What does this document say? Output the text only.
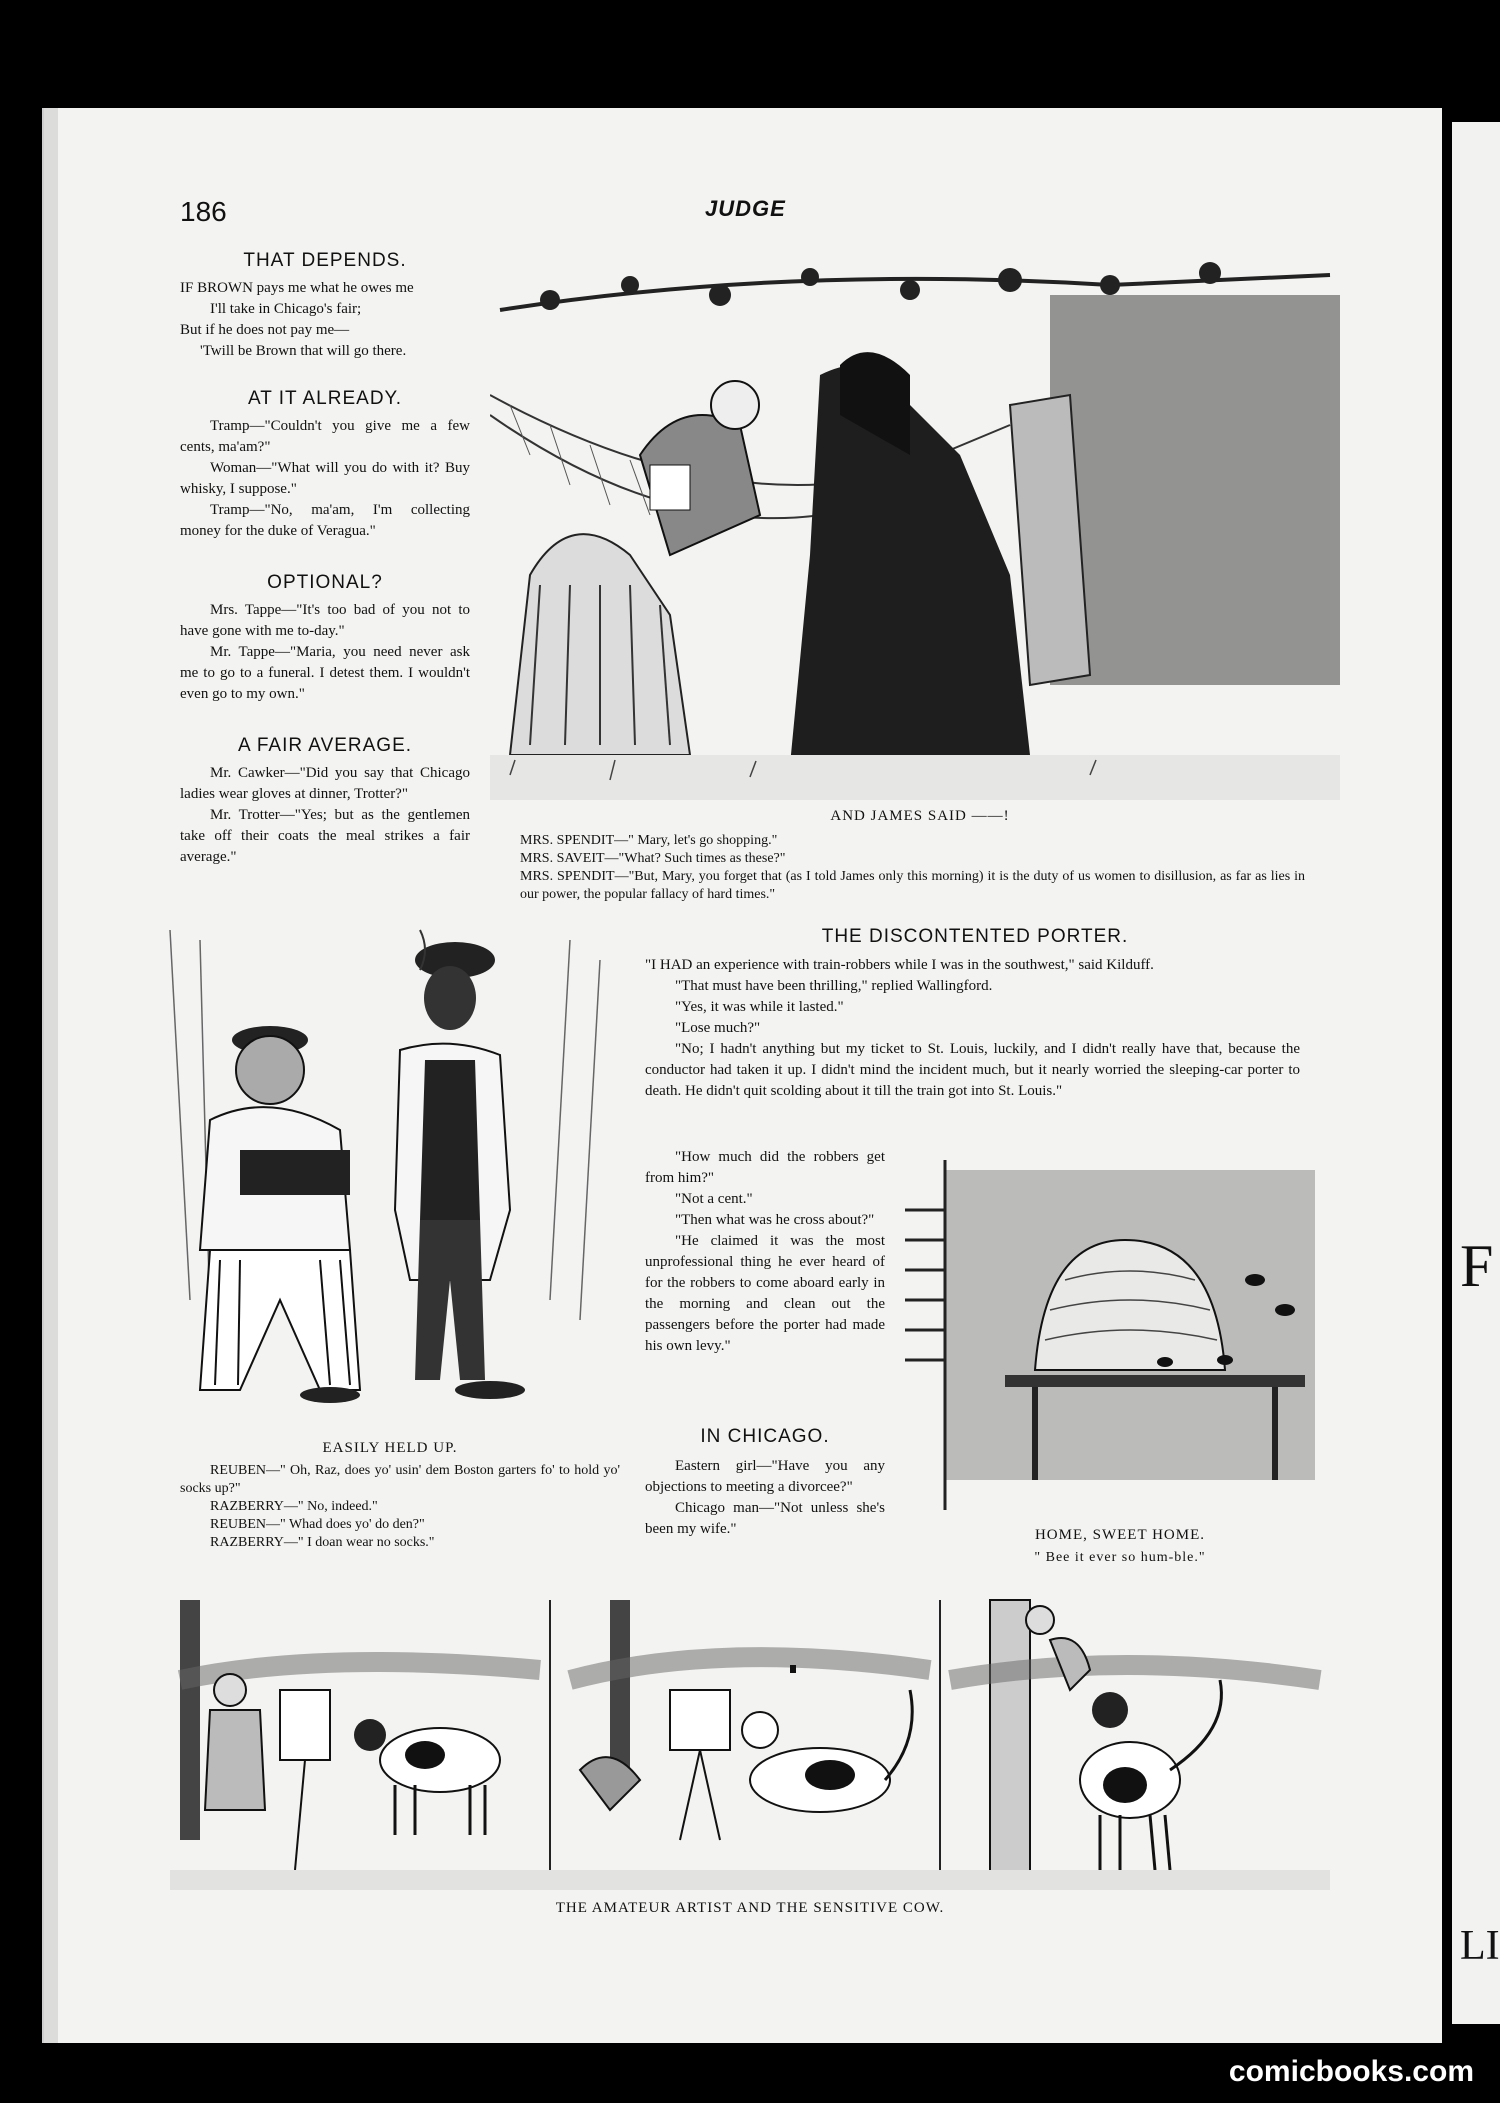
F
LI
186	JUDGE
THAT DEPENDS.

IF BROWN pays me what he owes me

I'll take in Chicago's fair;

But if he does not pay me—

'Twill be Brown that will go there.

AT IT ALREADY.

Tramp—"Couldn't you give me a few cents, ma'am?"

Woman—"What will you do with it? Buy whisky, I suppose."

Tramp—"No, ma'am, I'm collecting money for the duke of Veragua."

OPTIONAL?

Mrs. Tappe—"It's too bad of you not to have gone with me to-day."

Mr. Tappe—"Maria, you need never ask me to go to a funeral. I detest them. I wouldn't even go to my own."

A FAIR AVERAGE.

Mr. Cawker—"Did you say that Chicago ladies wear gloves at dinner, Trotter?"

Mr. Trotter—"Yes; but as the gentlemen take off their coats the meal strikes a fair average."

AND JAMES SAID ——!

MRS. SPENDIT—" Mary, let's go shopping."

MRS. SAVEIT—"What? Such times as these?"

MRS. SPENDIT—"But, Mary, you forget that (as I told James only this morning) it is the duty of us women to disillusion, as far as lies in our power, the popular fallacy of hard times."

EASILY HELD UP.

REUBEN—" Oh, Raz, does yo' usin' dem Boston garters fo' to hold yo' socks up?"

RAZBERRY—" No, indeed."

REUBEN—" Whad does yo' do den?"

RAZBERRY—" I doan wear no socks."

THE DISCONTENTED PORTER.

"I HAD an experience with train-robbers while I was in the southwest," said Kilduff.

"That must have been thrilling," replied Wallingford.

"Yes, it was while it lasted."

"Lose much?"

"No; I hadn't anything but my ticket to St. Louis, luckily, and I didn't really have that, because the conductor had taken it up. I didn't mind the incident much, but it nearly worried the sleeping-car porter to death. He didn't quit scolding about it till the train got into St. Louis."

"How much did the robbers get from him?"

"Not a cent."

"Then what was he cross about?"

"He claimed it was the most unprofessional thing he ever heard of for the robbers to come aboard early in the morning and clean out the passengers before the porter had made his own levy."

IN CHICAGO.

Eastern girl—"Have you any objections to meeting a divorcee?"

Chicago man—"Not unless she's been my wife."	HOME, SWEET HOME.
" Bee it ever so hum-ble."
THE AMATEUR ARTIST AND THE SENSITIVE COW.
comicbooks.com
